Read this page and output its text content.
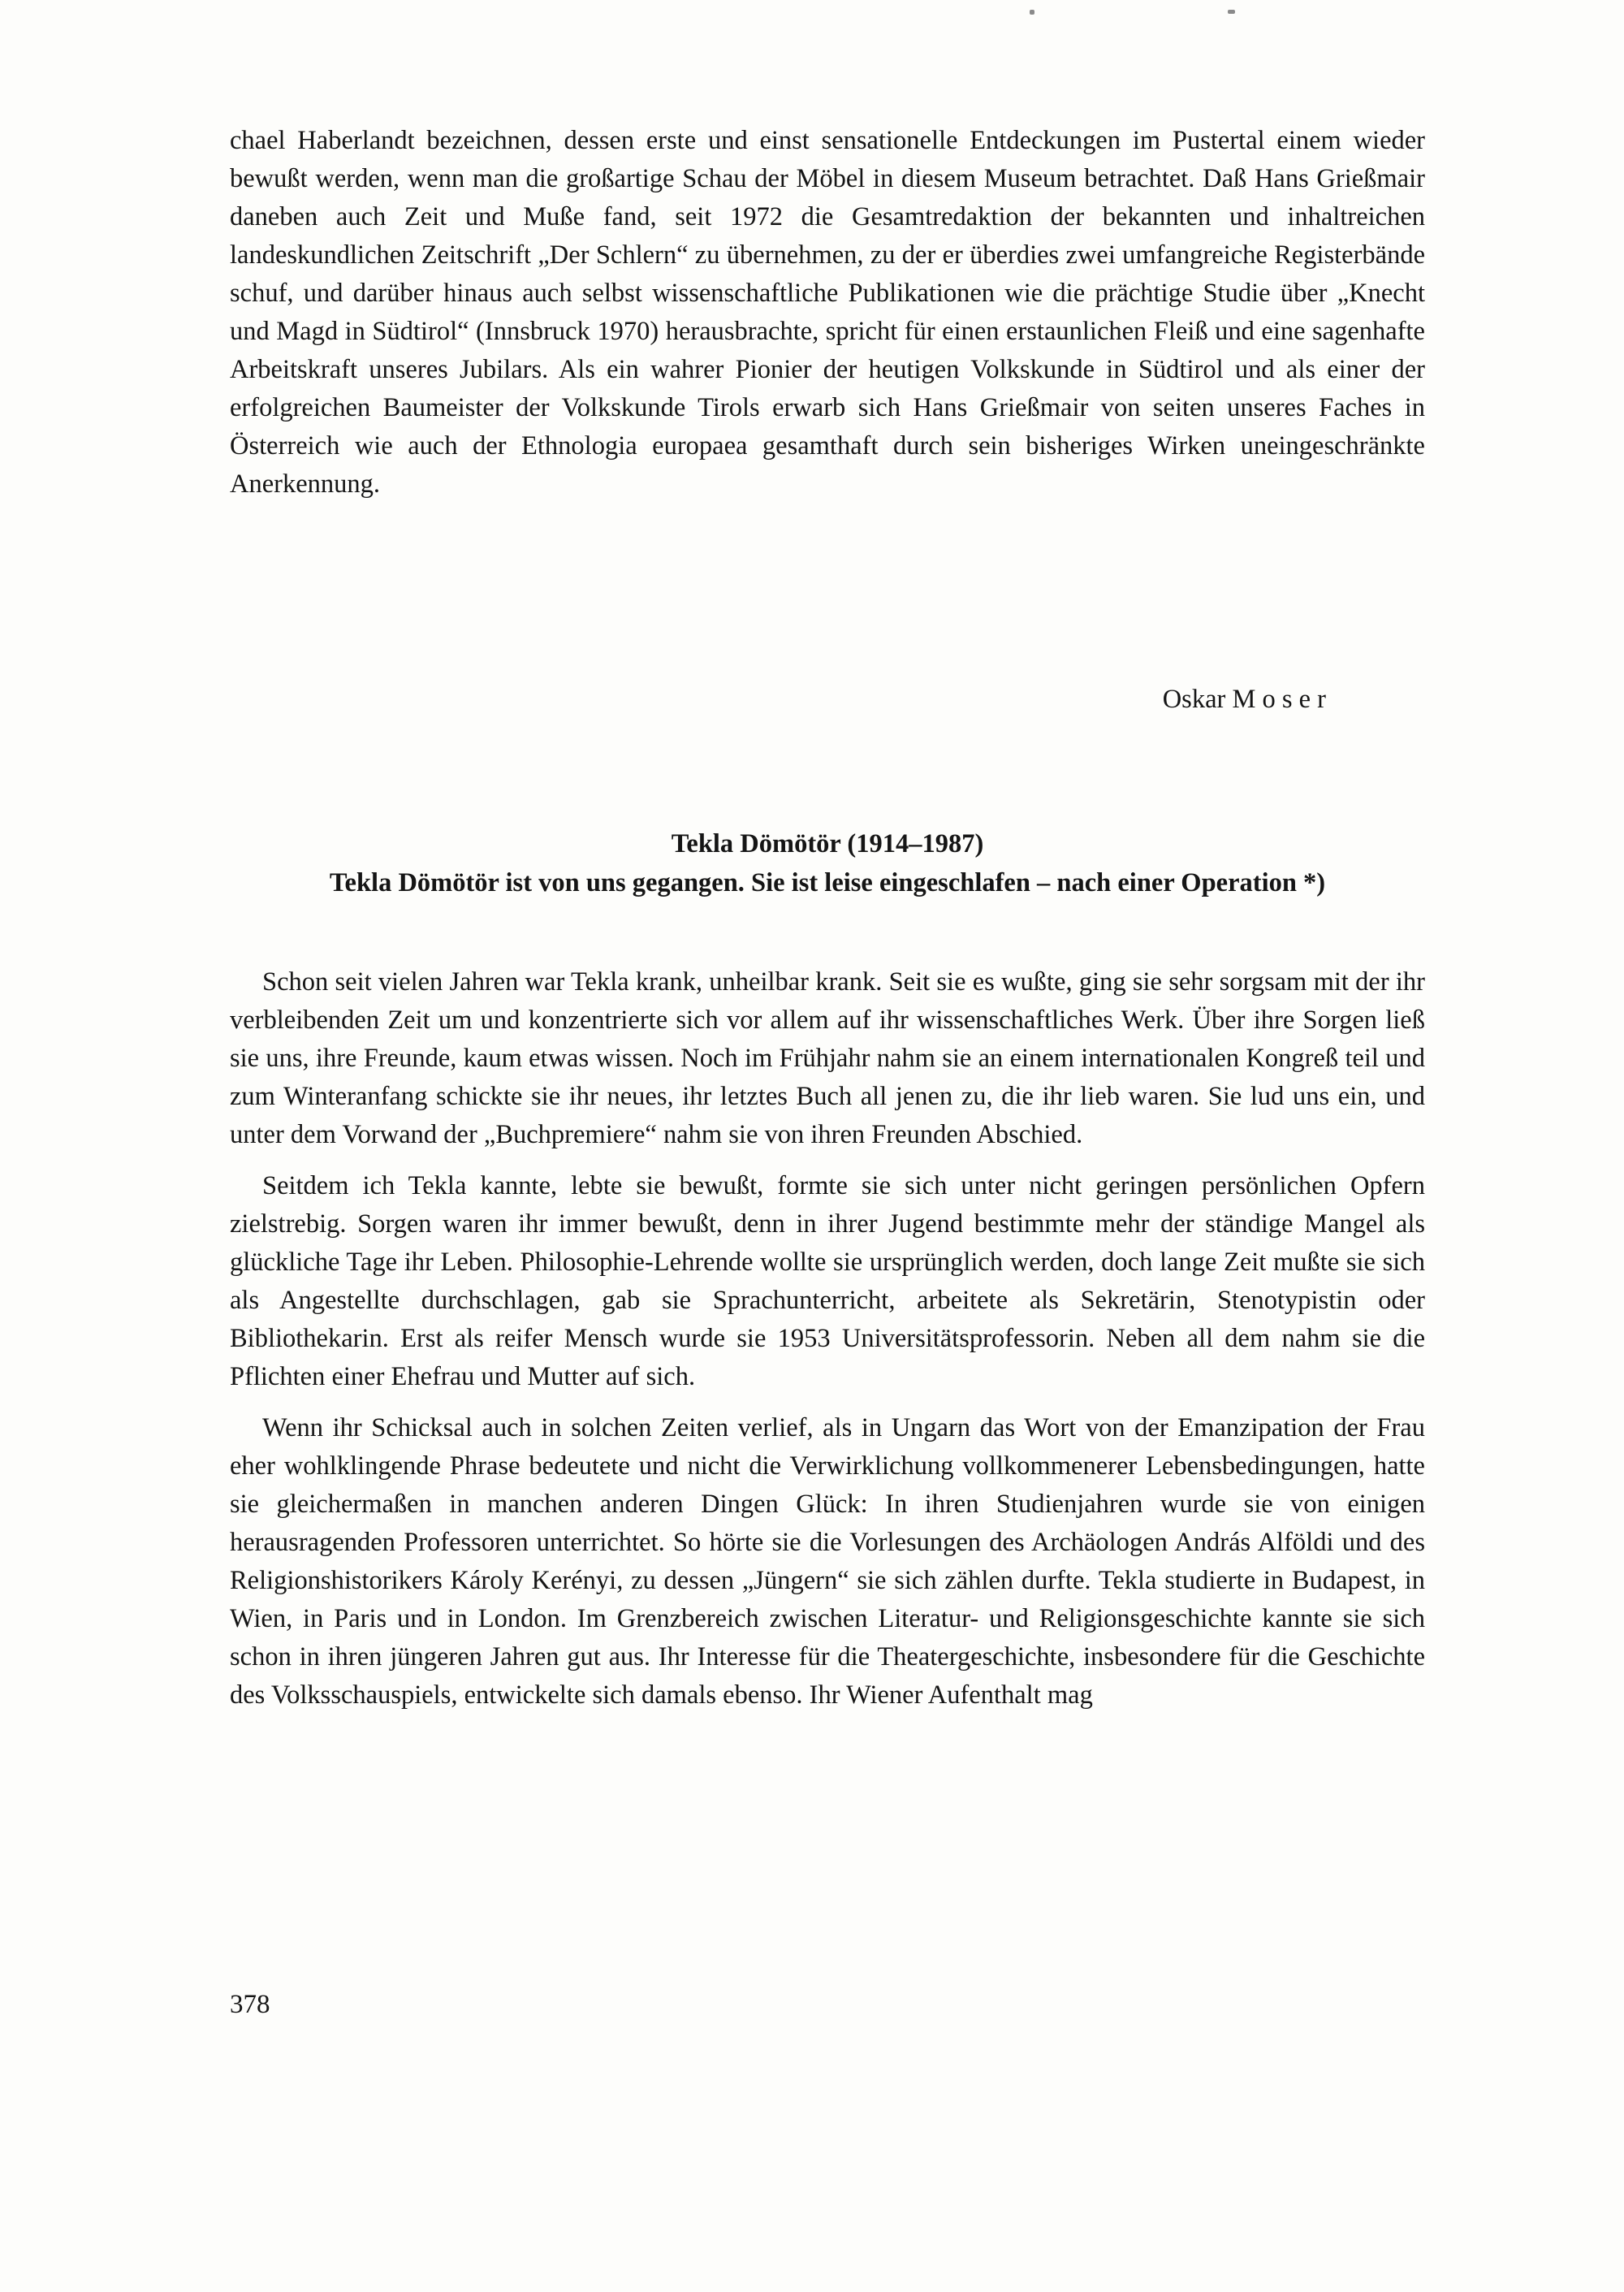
chael Haberlandt bezeichnen, dessen erste und einst sensationelle Entdeckungen im Pustertal einem wieder bewußt werden, wenn man die großartige Schau der Möbel in diesem Museum betrachtet. Daß Hans Grießmair daneben auch Zeit und Muße fand, seit 1972 die Gesamtredaktion der bekannten und inhaltreichen landeskundlichen Zeitschrift „Der Schlern“ zu übernehmen, zu der er überdies zwei umfangreiche Registerbände schuf, und darüber hinaus auch selbst wissenschaftliche Publikationen wie die prächtige Studie über „Knecht und Magd in Südtirol“ (Innsbruck 1970) herausbrachte, spricht für einen erstaunlichen Fleiß und eine sagenhafte Arbeitskraft unseres Jubilars. Als ein wahrer Pionier der heutigen Volkskunde in Südtirol und als einer der erfolgreichen Baumeister der Volkskunde Tirols erwarb sich Hans Grießmair von seiten unseres Faches in Österreich wie auch der Ethnologia europaea gesamthaft durch sein bisheriges Wirken uneingeschränkte Anerkennung.

Oskar M o s e r

Tekla Dömötör (1914–1987)

Tekla Dömötör ist von uns gegangen. Sie ist leise eingeschlafen – nach einer Operation *)

Schon seit vielen Jahren war Tekla krank, unheilbar krank. Seit sie es wußte, ging sie sehr sorgsam mit der ihr verbleibenden Zeit um und konzentrierte sich vor allem auf ihr wissenschaftliches Werk. Über ihre Sorgen ließ sie uns, ihre Freunde, kaum etwas wissen. Noch im Frühjahr nahm sie an einem internationalen Kongreß teil und zum Winteranfang schickte sie ihr neues, ihr letztes Buch all jenen zu, die ihr lieb waren. Sie lud uns ein, und unter dem Vorwand der „Buchpremiere“ nahm sie von ihren Freunden Abschied.

Seitdem ich Tekla kannte, lebte sie bewußt, formte sie sich unter nicht geringen persönlichen Opfern zielstrebig. Sorgen waren ihr immer bewußt, denn in ihrer Jugend bestimmte mehr der ständige Mangel als glückliche Tage ihr Leben. Philosophie-Lehrende wollte sie ursprünglich werden, doch lange Zeit mußte sie sich als Angestellte durchschlagen, gab sie Sprachunterricht, arbeitete als Sekretärin, Stenotypistin oder Bibliothekarin. Erst als reifer Mensch wurde sie 1953 Universitätsprofessorin. Neben all dem nahm sie die Pflichten einer Ehefrau und Mutter auf sich.

Wenn ihr Schicksal auch in solchen Zeiten verlief, als in Ungarn das Wort von der Emanzipation der Frau eher wohlklingende Phrase bedeutete und nicht die Verwirklichung vollkommenerer Lebensbedingungen, hatte sie gleichermaßen in manchen anderen Dingen Glück: In ihren Studienjahren wurde sie von einigen herausragenden Professoren unterrichtet. So hörte sie die Vorlesungen des Archäologen András Alföldi und des Religionshistorikers Károly Kerényi, zu dessen „Jüngern“ sie sich zählen durfte. Tekla studierte in Budapest, in Wien, in Paris und in London. Im Grenzbereich zwischen Literatur- und Religionsgeschichte kannte sie sich schon in ihren jüngeren Jahren gut aus. Ihr Interesse für die Theatergeschichte, insbesondere für die Geschichte des Volksschauspiels, entwickelte sich damals ebenso. Ihr Wiener Aufenthalt mag

378
